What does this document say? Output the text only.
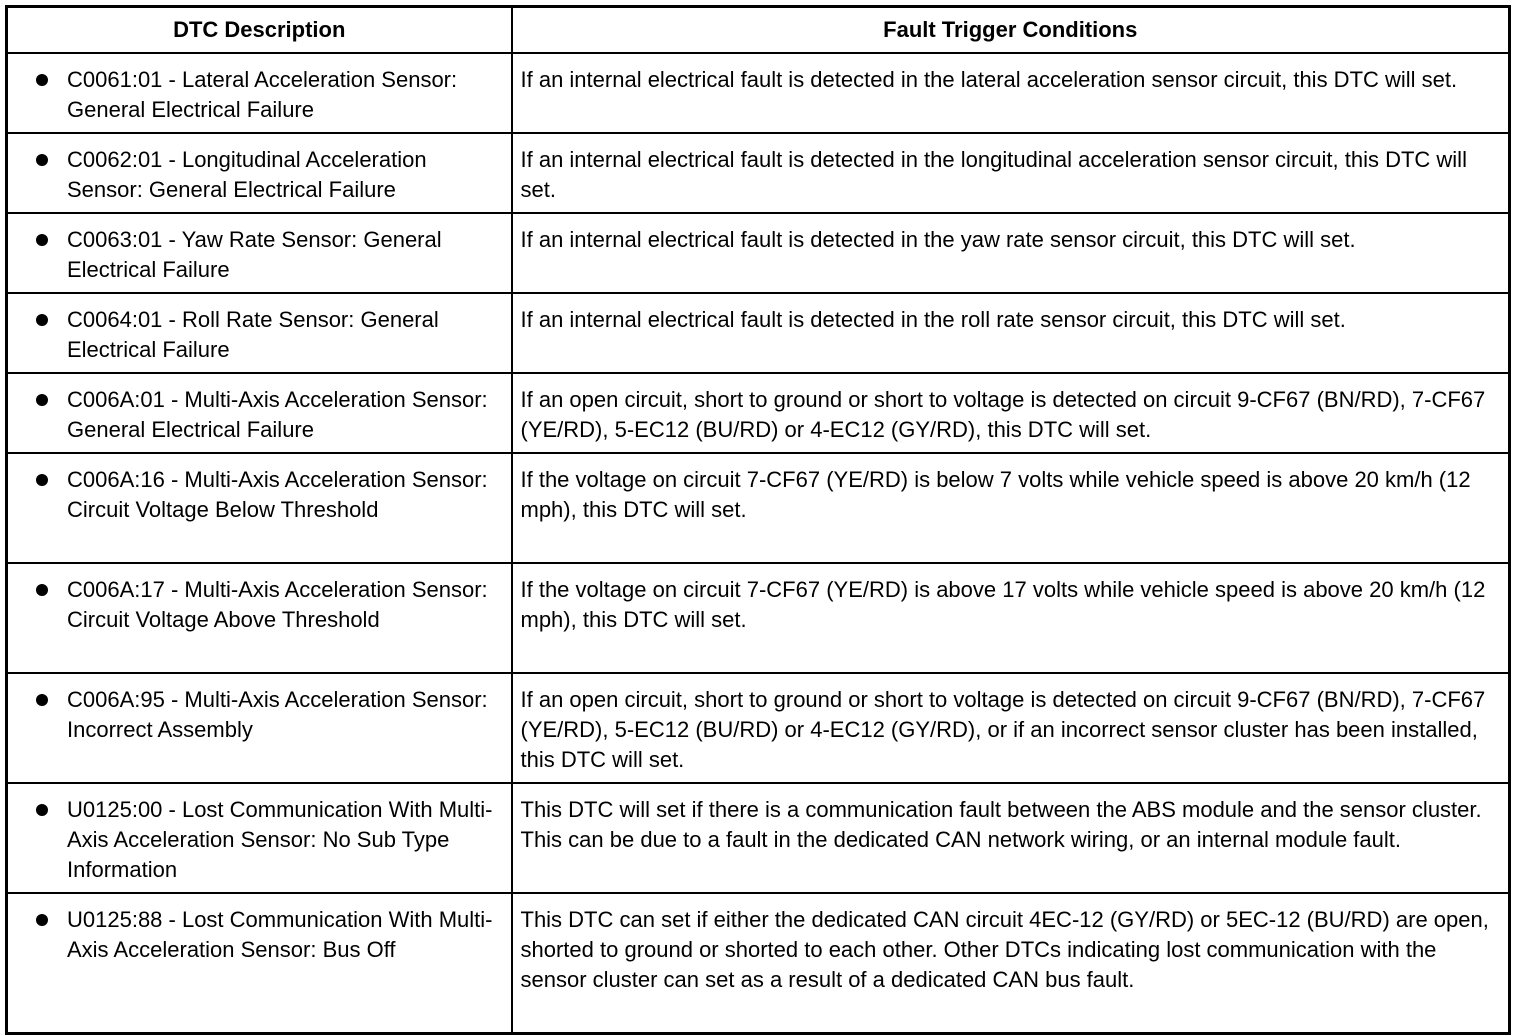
DTC Description	Fault Trigger Conditions

C0061:01 - Lateral Acceleration Sensor: General Electrical Failure	If an internal electrical fault is detected in the lateral acceleration sensor circuit, this DTC will set.

C0062:01 - Longitudinal Acceleration Sensor: General Electrical Failure	If an internal electrical fault is detected in the longitudinal acceleration sensor circuit, this DTC will set.

C0063:01 - Yaw Rate Sensor: General Electrical Failure	If an internal electrical fault is detected in the yaw rate sensor circuit, this DTC will set.

C0064:01 - Roll Rate Sensor: General Electrical Failure	If an internal electrical fault is detected in the roll rate sensor circuit, this DTC will set.

C006A:01 - Multi-Axis Acceleration Sensor: General Electrical Failure	If an open circuit, short to ground or short to voltage is detected on circuit 9-CF67 (BN/RD), 7-CF67 (YE/RD), 5-EC12 (BU/RD) or 4-EC12 (GY/RD), this DTC will set.

C006A:16 - Multi-Axis Acceleration Sensor: Circuit Voltage Below Threshold	If the voltage on circuit 7-CF67 (YE/RD) is below 7 volts while vehicle speed is above 20 km/h (12 mph), this DTC will set.

C006A:17 - Multi-Axis Acceleration Sensor: Circuit Voltage Above Threshold	If the voltage on circuit 7-CF67 (YE/RD) is above 17 volts while vehicle speed is above 20 km/h (12 mph), this DTC will set.

C006A:95 - Multi-Axis Acceleration Sensor: Incorrect Assembly	If an open circuit, short to ground or short to voltage is detected on circuit 9-CF67 (BN/RD), 7-CF67 (YE/RD), 5-EC12 (BU/RD) or 4-EC12 (GY/RD), or if an incorrect sensor cluster has been installed, this DTC will set.

U0125:00 - Lost Communication With Multi-Axis Acceleration Sensor: No Sub Type Information	This DTC will set if there is a communication fault between the ABS module and the sensor cluster. This can be due to a fault in the dedicated CAN network wiring, or an internal module fault.

U0125:88 - Lost Communication With Multi-Axis Acceleration Sensor: Bus Off	This DTC can set if either the dedicated CAN circuit 4EC-12 (GY/RD) or 5EC-12 (BU/RD) are open, shorted to ground or shorted to each other. Other DTCs indicating lost communication with the sensor cluster can set as a result of a dedicated CAN bus fault.
